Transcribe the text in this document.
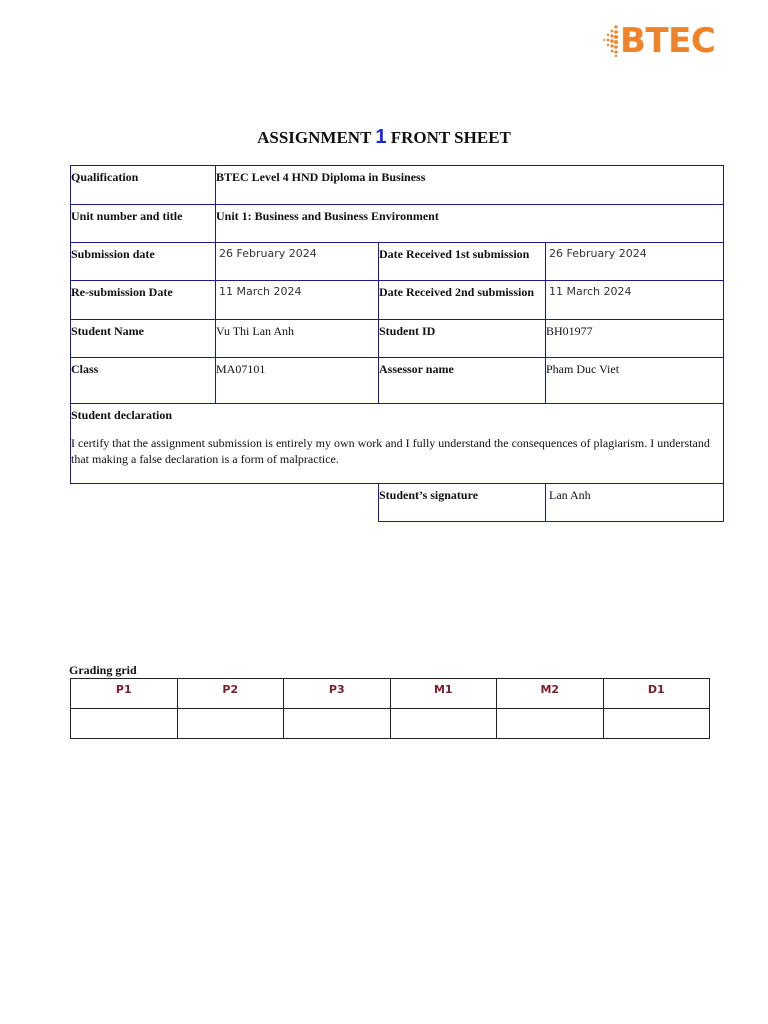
BTEC
ASSIGNMENT 1 FRONT SHEET
Qualification	BTEC Level 4 HND Diploma in Business		
Unit number and title	Unit 1: Business and Business Environment		
Submission date	26 February 2024	Date Received 1st submission	26 February 2024
Re-submission Date	11 March 2024	Date Received 2nd submission	11 March 2024
Student Name	Vu Thi Lan Anh	Student ID	BH01977
Class	MA07101	Assessor name	Pham Duc Viet

Student declaration
I certify that the assignment submission is entirely my own work and I fully understand the consequences of plagiarism. I understand that making a false declaration is a form of malpractice.			

		Student’s signature	Lan Anh
Grading grid
P1	P2	P3	M1	M2	D1
